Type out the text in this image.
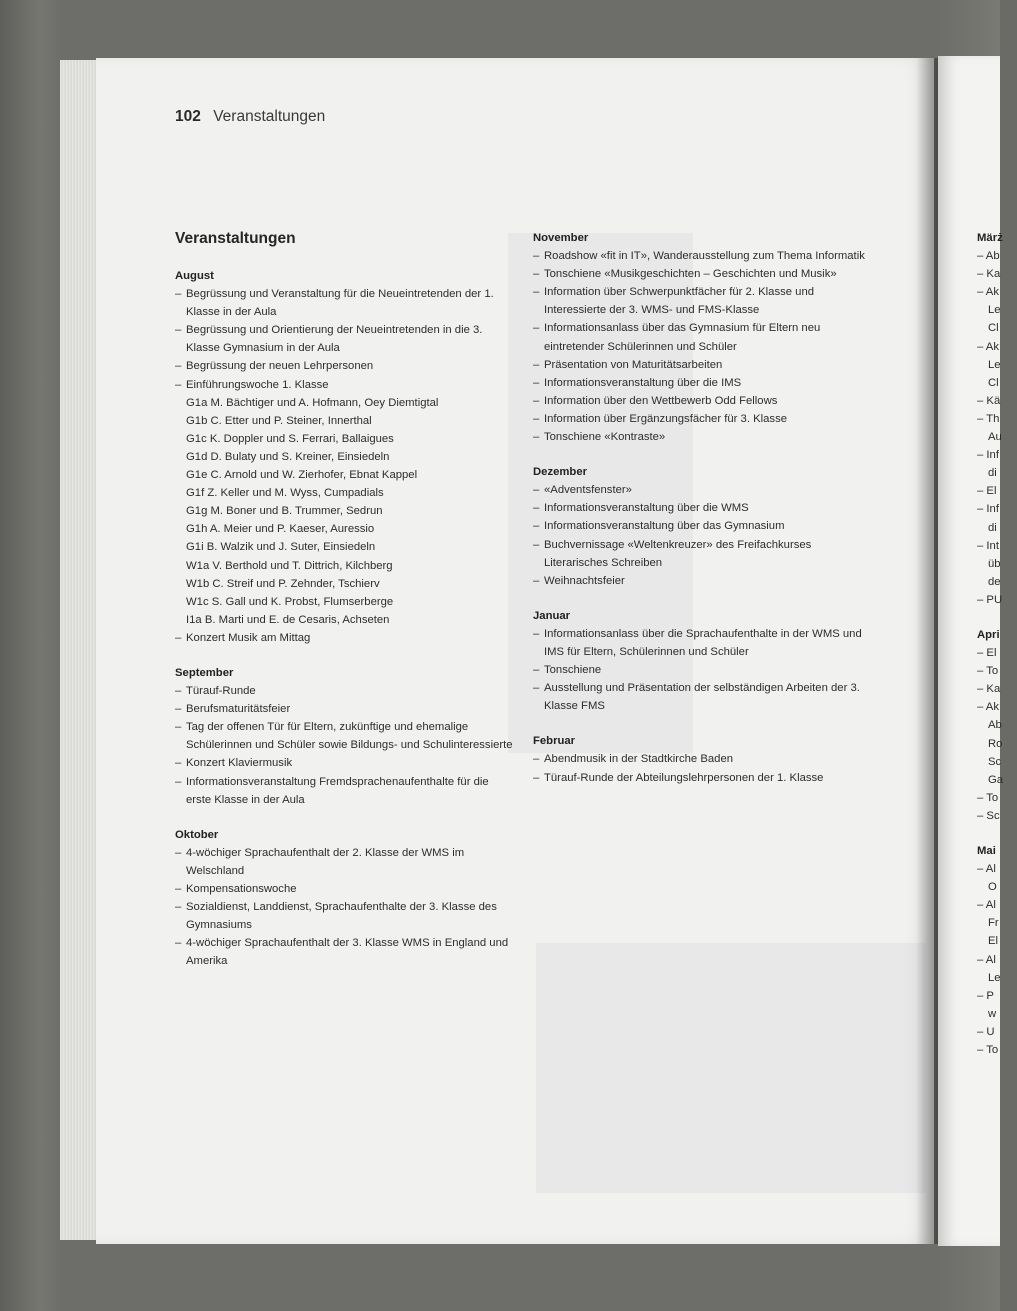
102 Veranstaltungen
Veranstaltungen

August

– Begrüssung und Veranstaltung für die Neueintretenden der 1. Klasse in der Aula

– Begrüssung und Orientierung der Neueintretenden in die 3. Klasse Gymnasium in der Aula

– Begrüssung der neuen Lehrpersonen

– Einführungswoche 1. Klasse

G1a M. Bächtiger und A. Hofmann, Oey Diemtigtal

G1b C. Etter und P. Steiner, Innerthal

G1c K. Doppler und S. Ferrari, Ballaigues

G1d D. Bulaty und S. Kreiner, Einsiedeln

G1e C. Arnold und W. Zierhofer, Ebnat Kappel

G1f Z. Keller und M. Wyss, Cumpadials

G1g M. Boner und B. Trummer, Sedrun

G1h A. Meier und P. Kaeser, Auressio

G1i B. Walzik und J. Suter, Einsiedeln

W1a V. Berthold und T. Dittrich, Kilchberg

W1b C. Streif und P. Zehnder, Tschierv

W1c S. Gall und K. Probst, Flumserberge

I1a B. Marti und E. de Cesaris, Achseten

– Konzert Musik am Mittag

September

– Türauf-Runde

– Berufsmaturitätsfeier

– Tag der offenen Tür für Eltern, zukünftige und ehemalige Schülerinnen und Schüler sowie Bildungs- und Schulinteressierte

– Konzert Klaviermusik

– Informationsveranstaltung Fremdsprachenaufenthalte für die erste Klasse in der Aula

Oktober

– 4-wöchiger Sprachaufenthalt der 2. Klasse der WMS im Welschland

– Kompensationswoche

– Sozialdienst, Landdienst, Sprachaufenthalte der 3. Klasse des Gymnasiums

– 4-wöchiger Sprachaufenthalt der 3. Klasse WMS in England und Amerika

November

– Roadshow «fit in IT», Wanderausstellung zum Thema Informatik

– Tonschiene «Musikgeschichten – Geschichten und Musik»

– Information über Schwerpunktfächer für 2. Klasse und Interessierte der 3. WMS- und FMS-Klasse

– Informationsanlass über das Gymnasium für Eltern neu eintretender Schülerinnen und Schüler

– Präsentation von Maturitätsarbeiten

– Informationsveranstaltung über die IMS

– Information über den Wettbewerb Odd Fellows

– Information über Ergänzungsfächer für 3. Klasse

– Tonschiene «Kontraste»

Dezember

– «Adventsfenster»

– Informationsveranstaltung über die WMS

– Informationsveranstaltung über das Gymnasium

– Buchvernissage «Weltenkreuzer» des Freifachkurses Literarisches Schreiben

– Weihnachtsfeier

Januar

– Informationsanlass über die Sprachaufenthalte in der WMS und IMS für Eltern, Schülerinnen und Schüler

– Tonschiene

– Ausstellung und Präsentation der selbständigen Arbeiten der 3. Klasse FMS

Februar

– Abendmusik in der Stadtkirche Baden

– Türauf-Runde der Abteilungslehrpersonen der 1. Klasse

Märż

– Ab

– Ka

– Ak

Le

Cl

– Ak

Le

Cl

– Kä

– Th

Au

– Inf

di

– El

– Inf

di

– Int

üb

de

– PU

Apri

– El

– To

– Ka

– Ak

Ab

Ro

Sc

Ga

– To

– Sc

Mai

– Al

O

– Al

Fr

El

– Al

Le

– P

w

– U

– To
